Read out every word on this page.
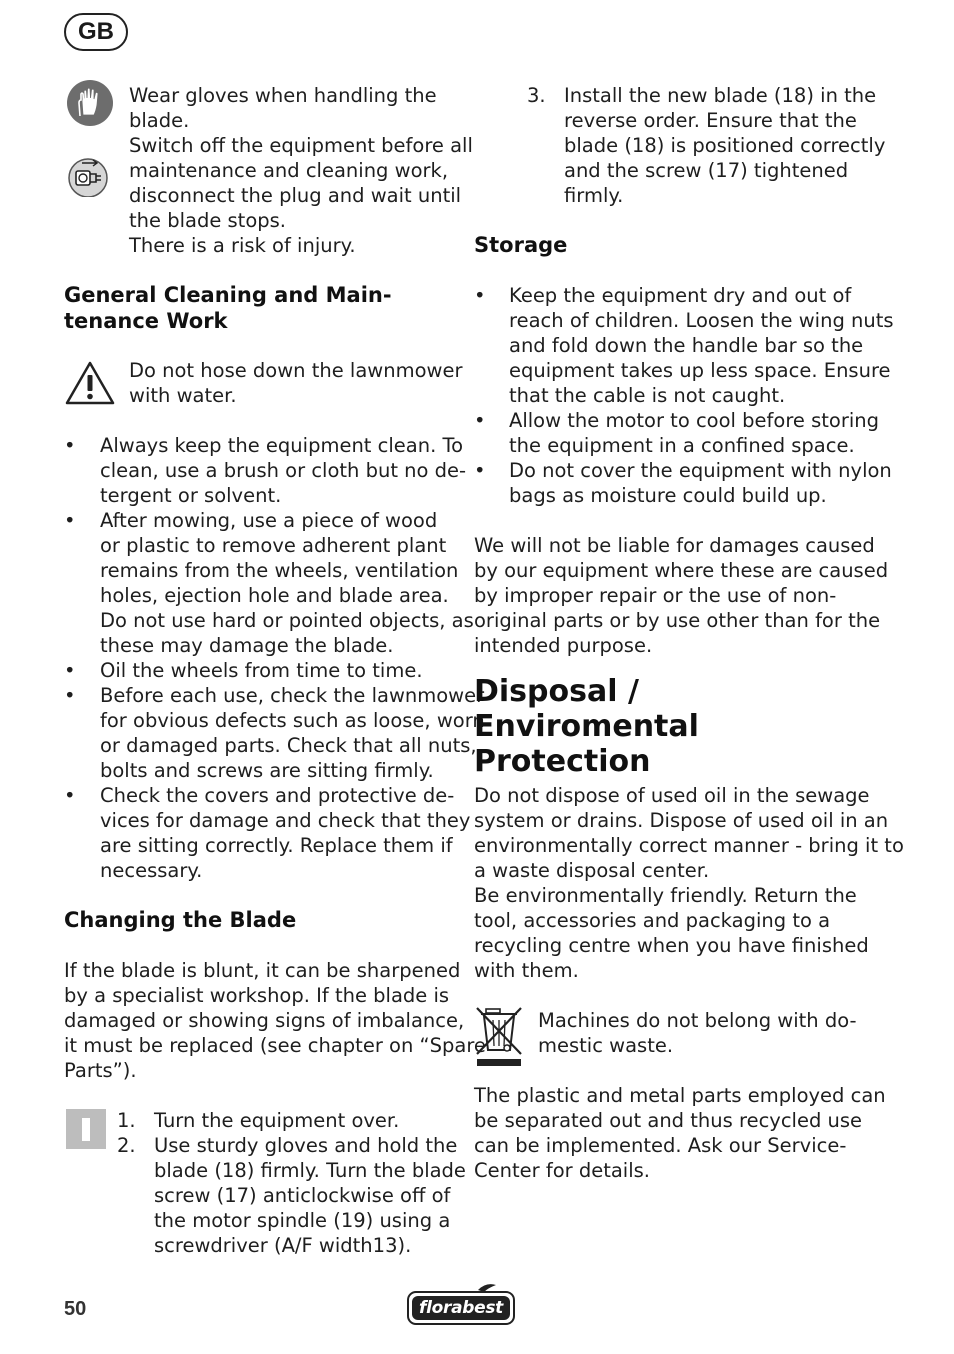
GB
Wear gloves when handling the
blade.
Switch off the equipment before all
maintenance and cleaning work,
disconnect the plug and wait until
the blade stops.
There is a risk of injury.
General Cleaning and Main-
tenance Work
Do not hose down the lawnmower
with water.
• Always keep the equipment clean. To
clean, use a brush or cloth but no de-
tergent or solvent.
• After mowing, use a piece of wood
or plastic to remove adherent plant
remains from the wheels, ventilation
holes, ejection hole and blade area.
Do not use hard or pointed objects, as
these may damage the blade.
• Oil the wheels from time to time.
• Before each use, check the lawnmower
for obvious defects such as loose, worn
or damaged parts. Check that all nuts,
bolts and screws are sitting firmly.
• Check the covers and protective de-
vices for damage and check that they
are sitting correctly. Replace them if
necessary.
Changing the Blade
If the blade is blunt, it can be sharpened
by a specialist workshop. If the blade is
damaged or showing signs of imbalance,
it must be replaced (see chapter on “Spare
Parts”).
1. Turn the equipment over.
2. Use sturdy gloves and hold the
blade (18) firmly. Turn the blade
screw (17) anticlockwise off of
the motor spindle (19) using a
screwdriver (A/F width13).
3. Install the new blade (18) in the
reverse order. Ensure that the
blade (18) is positioned correctly
and the screw (17) tightened
firmly.
Storage
• Keep the equipment dry and out of
reach of children. Loosen the wing nuts
and fold down the handle bar so the
equipment takes up less space. Ensure
that the cable is not caught.
• Allow the motor to cool before storing
the equipment in a confined space.
• Do not cover the equipment with nylon
bags as moisture could build up.
We will not be liable for damages caused
by our equipment where these are caused
by improper repair or the use of non-
original parts or by use other than for the
intended purpose.
Disposal /
Enviromental
Protection
Do not dispose of used oil in the sewage
system or drains. Dispose of used oil in an
environmentally correct manner - bring it to
a waste disposal center.
Be environmentally friendly. Return the
tool, accessories and packaging to a
recycling centre when you have finished
with them.
Machines do not belong with do-
mestic waste.
The plastic and metal parts employed can
be separated out and thus recycled use
can be implemented. Ask our Service-
Center for details.
50	florabest
